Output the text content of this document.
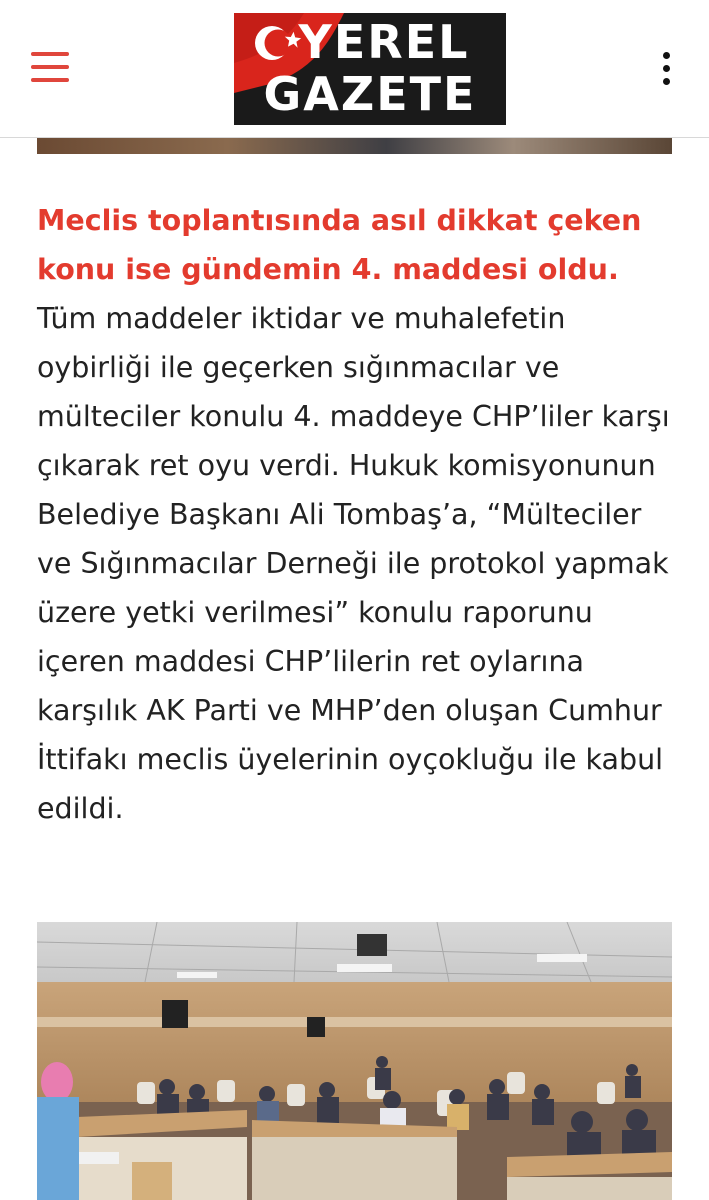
YEREL
GAZETE

Meclis toplantısında asıl dikkat çeken konu ise gündemin 4. maddesi oldu. Tüm maddeler iktidar ve muhalefetin oybirliği ile geçerken sığınmacılar ve mülteciler konulu 4. maddeye CHP’liler karşı çıkarak ret oyu verdi. Hukuk komisyonunun Belediye Başkanı Ali Tombaş’a, “Mülteciler ve Sığınmacılar Derneği ile protokol yapmak üzere yetki verilmesi” konulu raporunu içeren maddesi CHP’lilerin ret oylarına karşılık AK Parti ve MHP’den oluşan Cumhur İttifakı meclis üyelerinin oyçokluğu ile kabul edildi.
